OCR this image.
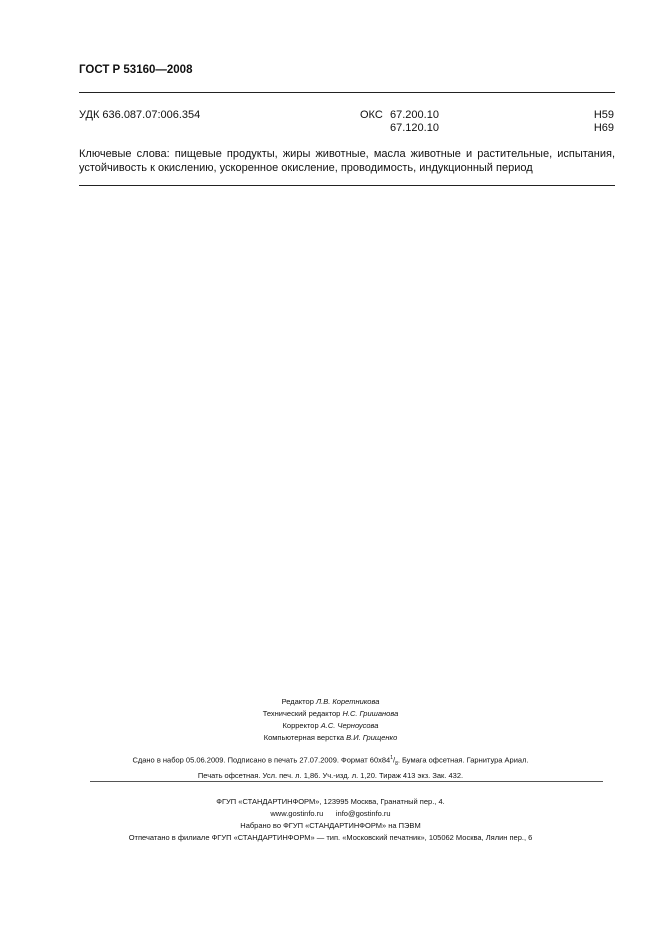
ГОСТ Р 53160—2008
УДК 636.087.07:006.354	ОКС 67.200.10
67.120.10
Н59
Н69

Ключевые слова: пищевые продукты, жиры животные, масла животные и растительные, испытания, устойчивость к окислению, ускоренное окисление, проводимость, индукционный период

Редактор Л.В. Коретникова
Технический редактор Н.С. Гришанова
Корректор А.С. Черноусова
Компьютерная верстка В.И. Грищенко
Сдано в набор 05.06.2009. Подписано в печать 27.07.2009. Формат $60х84^1/_8$. Бумага офсетная. Гарнитура Ариал.
Печать офсетная. Усл. печ. л. 1,86. Уч.-изд. л. 1,20. Тираж 413 экз. Зак. 432.
ФГУП «СТАНДАРТИНФОРМ», 123995 Москва, Гранатный пер., 4.
www.gostinfo.ru info@gostinfo.ru
Набрано во ФГУП «СТАНДАРТИНФОРМ» на ПЭВМ
Отпечатано в филиале ФГУП «СТАНДАРТИНФОРМ» — тип. «Московский печатник», 105062 Москва, Лялин пер., 6
